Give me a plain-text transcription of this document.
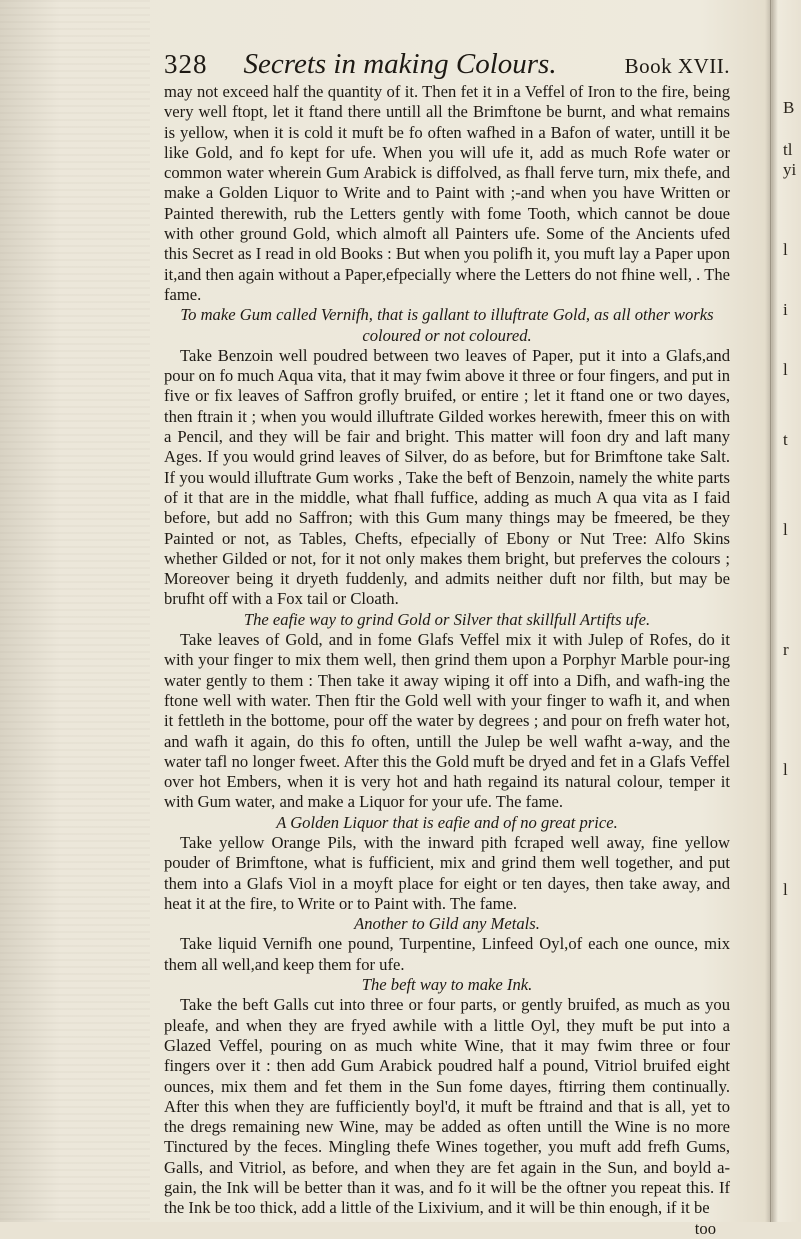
B
tl
yi
l
i
l
t
l
r
l
l
328 Secrets in making Colours.	Book XVII.

may not exceed half the quantity of it. Then fet it in a Veffel of Iron to the fire, being very well ftopt, let it ftand there untill all the Brimftone be burnt, and what remains is yellow, when it is cold it muft be fo often wafhed in a Bafon of water, untill it be like Gold, and fo kept for ufe. When you will ufe it, add as much Rofe water or common water wherein Gum Arabick is diffolved, as fhall ferve turn, mix thefe, and make a Golden Liquor to Write and to Paint with ;-and when you have Written or Painted therewith, rub the Letters gently with fome Tooth, which cannot be doue with other ground Gold, which almoft all Painters ufe. Some of the Ancients ufed this Secret as I read in old Books : But when you polifh it, you muft lay a Paper upon it,and then again without a Paper,efpecially where the Letters do not fhine well, . The fame.

To make Gum called Vernifh, that is gallant to illuftrate Gold, as all other works coloured or not coloured.

Take Benzoin well poudred between two leaves of Paper, put it into a Glafs,and pour on fo much Aqua vita, that it may fwim above it three or four fingers, and put in five or fix leaves of Saffron grofly bruifed, or entire ; let it ftand one or two dayes, then ftrain it ; when you would illuftrate Gilded workes herewith, fmeer this on with a Pencil, and they will be fair and bright. This matter will foon dry and laft many Ages. If you would grind leaves of Silver, do as before, but for Brimftone take Salt. If you would illuftrate Gum works , Take the beft of Benzoin, namely the white parts of it that are in the middle, what fhall fuffice, adding as much A qua vita as I faid before, but add no Saffron; with this Gum many things may be fmeered, be they Painted or not, as Tables, Chefts, efpecially of Ebony or Nut Tree: Alfo Skins whether Gilded or not, for it not only makes them bright, but preferves the colours ; Moreover being it dryeth fuddenly, and admits neither duft nor filth, but may be brufht off with a Fox tail or Cloath.

The eafie way to grind Gold or Silver that skillfull Artifts ufe.

Take leaves of Gold, and in fome Glafs Veffel mix it with Julep of Rofes, do it with your finger to mix them well, then grind them upon a Porphyr Marble pour-ing water gently to them : Then take it away wiping it off into a Difh, and wafh-ing the ftone well with water. Then ftir the Gold well with your finger to wafh it, and when it fettleth in the bottome, pour off the water by degrees ; and pour on frefh water hot, and wafh it again, do this fo often, untill the Julep be well wafht a-way, and the water tafl no longer fweet. After this the Gold muft be dryed and fet in a Glafs Veffel over hot Embers, when it is very hot and hath regaind its natural colour, temper it with Gum water, and make a Liquor for your ufe. The fame.

A Golden Liquor that is eafie and of no great price.

Take yellow Orange Pils, with the inward pith fcraped well away, fine yellow pouder of Brimftone, what is fufficient, mix and grind them well together, and put them into a Glafs Viol in a moyft place for eight or ten dayes, then take away, and heat it at the fire, to Write or to Paint with. The fame.

Another to Gild any Metals.

Take liquid Vernifh one pound, Turpentine, Linfeed Oyl,of each one ounce, mix them all well,and keep them for ufe.

The beft way to make Ink.

Take the beft Galls cut into three or four parts, or gently bruifed, as much as you pleafe, and when they are fryed awhile with a little Oyl, they muft be put into a Glazed Veffel, pouring on as much white Wine, that it may fwim three or four fingers over it : then add Gum Arabick poudred half a pound, Vitriol bruifed eight ounces, mix them and fet them in the Sun fome dayes, ftirring them continually. After this when they are fufficiently boyl'd, it muft be ftraind and that is all, yet to the dregs remaining new Wine, may be added as often untill the Wine is no more Tinctured by the feces. Mingling thefe Wines together, you muft add frefh Gums, Galls, and Vitriol, as before, and when they are fet again in the Sun, and boyld a-gain, the Ink will be better than it was, and fo it will be the oftner you repeat this. If the Ink be too thick, add a little of the Lixivium, and it will be thin enough, if it be

too
